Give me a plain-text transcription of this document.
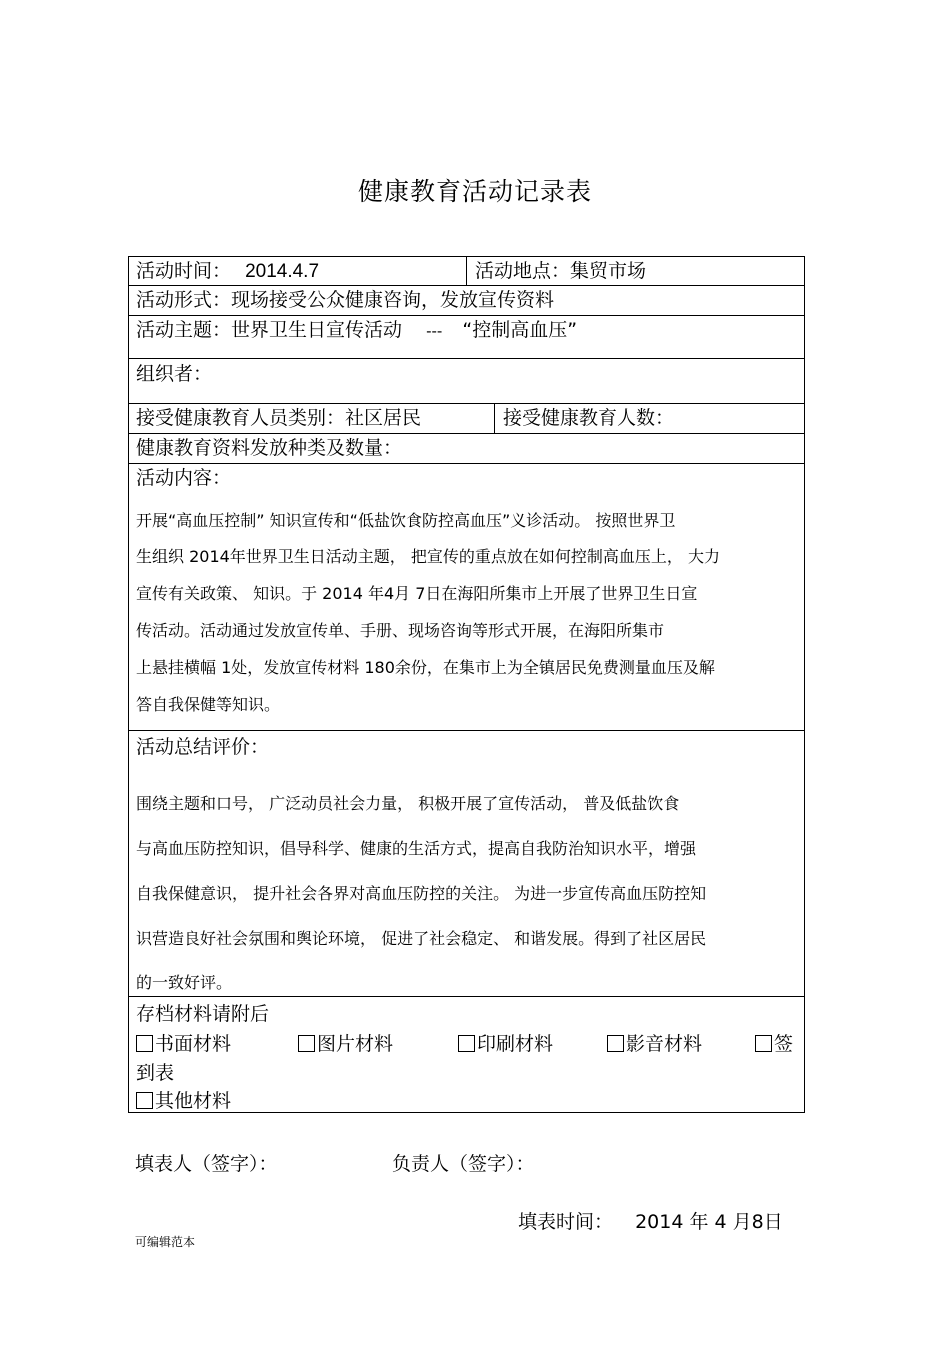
健康教育活动记录表
活动时间： 2014.4.7	活动地点：集贸市场
活动形式：现场接受公众健康咨询，发放宣传资料
活动主题：世界卫生日宣传活动 --- “控制高血压”
组织者：
接受健康教育人员类别：社区居民	接受健康教育人数：
健康教育资料发放种类及数量：
活动内容：
开展“高血压控制” 知识宣传和“低盐饮食防控高血压”义诊活动。 按照世界卫
生组织 2014年世界卫生日活动主题， 把宣传的重点放在如何控制高血压上， 大力
宣传有关政策、 知识。于 2014 年4月 7日在海阳所集市上开展了世界卫生日宣
传活动。活动通过发放宣传单、手册、现场咨询等形式开展，在海阳所集市
上悬挂横幅 1处，发放宣传材料 180余份，在集市上为全镇居民免费测量血压及解
答自我保健等知识。
活动总结评价：
围绕主题和口号， 广泛动员社会力量， 积极开展了宣传活动， 普及低盐饮食
与高血压防控知识，倡导科学、健康的生活方式，提高自我防治知识水平，增强
自我保健意识， 提升社会各界对高血压防控的关注。 为进一步宣传高血压防控知
识营造良好社会氛围和舆论环境， 促进了社会稳定、 和谐发展。得到了社区居民
的一致好评。
存档材料请附后
书面材料	图片材料	印刷材料	影音材料	签
到表
其他材料
填表人（签字）：	负责人（签字）：
填表时间： 2014 年 4 月8日
可编辑范本
